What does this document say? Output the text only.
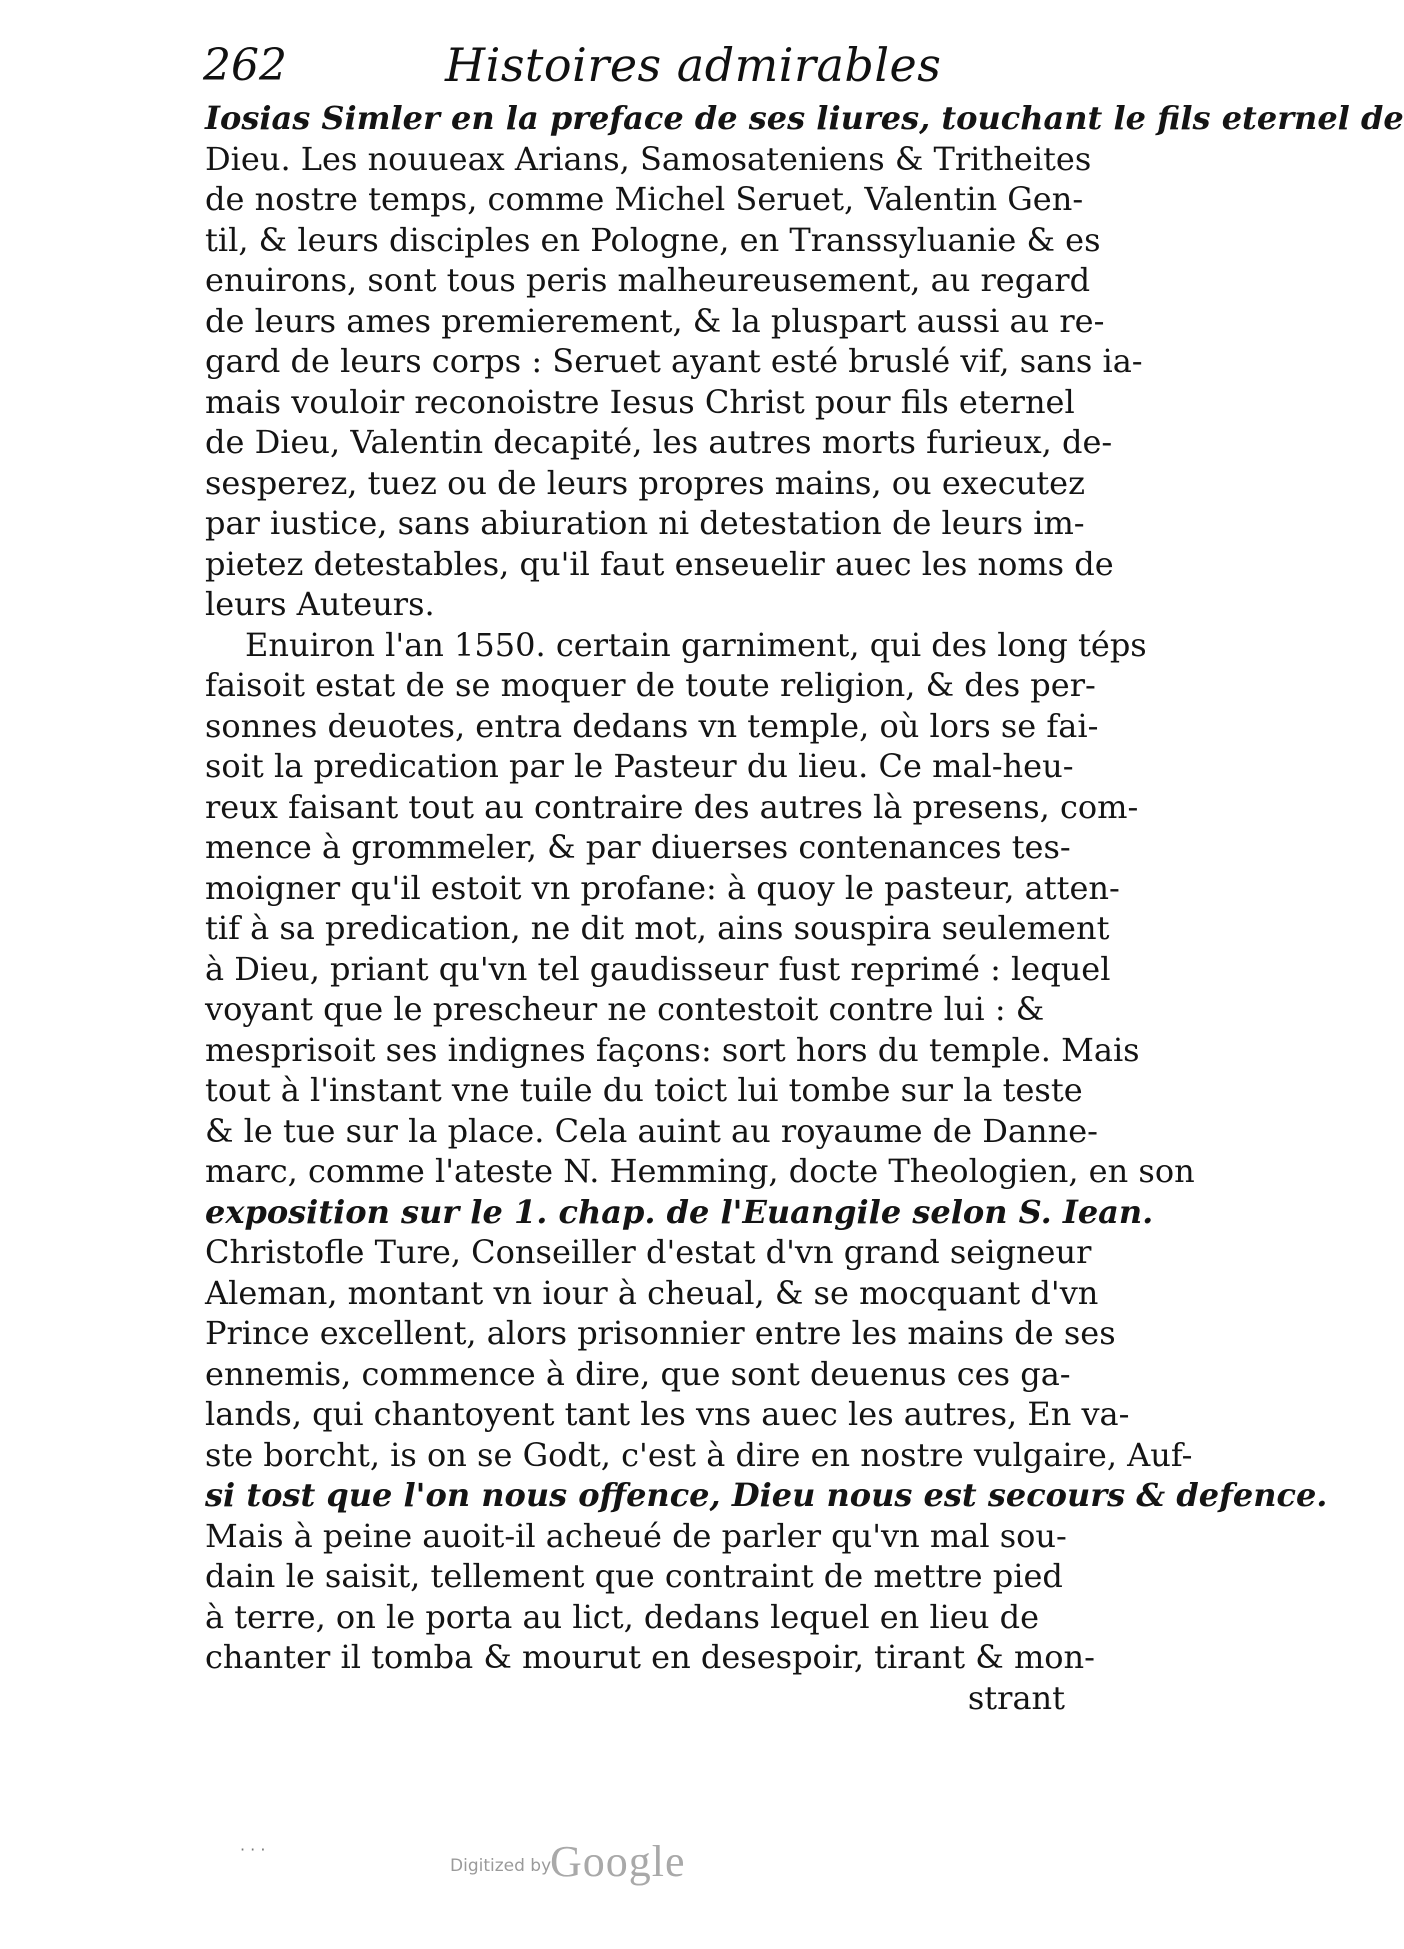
262	Histoires admirables
Iosias Simler en la preface de ses liures, touchant le fils eternel de
Dieu. Les nouueax Arians, Samosateniens & Tritheites
de nostre temps, comme Michel Seruet, Valentin Gen-
til, & leurs disciples en Pologne, en Transsyluanie & es
enuirons, sont tous peris malheureusement, au regard
de leurs ames premierement, & la pluspart aussi au re-
gard de leurs corps : Seruet ayant esté bruslé vif, sans ia-
mais vouloir reconoistre Iesus Christ pour fils eternel
de Dieu, Valentin decapité, les autres morts furieux, de-
sesperez, tuez ou de leurs propres mains, ou executez
par iustice, sans abiuration ni detestation de leurs im-
pietez detestables, qu'il faut enseuelir auec les noms de
leurs Auteurs.
Enuiron l'an 1550. certain garniment, qui des long téps
faisoit estat de se moquer de toute religion, & des per-
sonnes deuotes, entra dedans vn temple, où lors se fai-
soit la predication par le Pasteur du lieu. Ce mal-heu-
reux faisant tout au contraire des autres là presens, com-
mence à grommeler, & par diuerses contenances tes-
moigner qu'il estoit vn profane: à quoy le pasteur, atten-
tif à sa predication, ne dit mot, ains souspira seulement
à Dieu, priant qu'vn tel gaudisseur fust reprimé : lequel
voyant que le prescheur ne contestoit contre lui : &
mesprisoit ses indignes façons: sort hors du temple. Mais
tout à l'instant vne tuile du toict lui tombe sur la teste
& le tue sur la place. Cela auint au royaume de Danne-
marc, comme l'ateste N. Hemming, docte Theologien, en son
exposition sur le 1. chap. de l'Euangile selon S. Iean.
Christofle Ture, Conseiller d'estat d'vn grand seigneur
Aleman, montant vn iour à cheual, & se mocquant d'vn
Prince excellent, alors prisonnier entre les mains de ses
ennemis, commence à dire, que sont deuenus ces ga-
lands, qui chantoyent tant les vns auec les autres, En va-
ste borcht, is on se Godt, c'est à dire en nostre vulgaire, Auf-
si tost que l'on nous offence, Dieu nous est secours & defence.
Mais à peine auoit-il acheué de parler qu'vn mal sou-
dain le saisit, tellement que contraint de mettre pied
à terre, on le porta au lict, dedans lequel en lieu de
chanter il tomba & mourut en desespoir, tirant & mon-
strant
· · ·
Digitized by
Google
